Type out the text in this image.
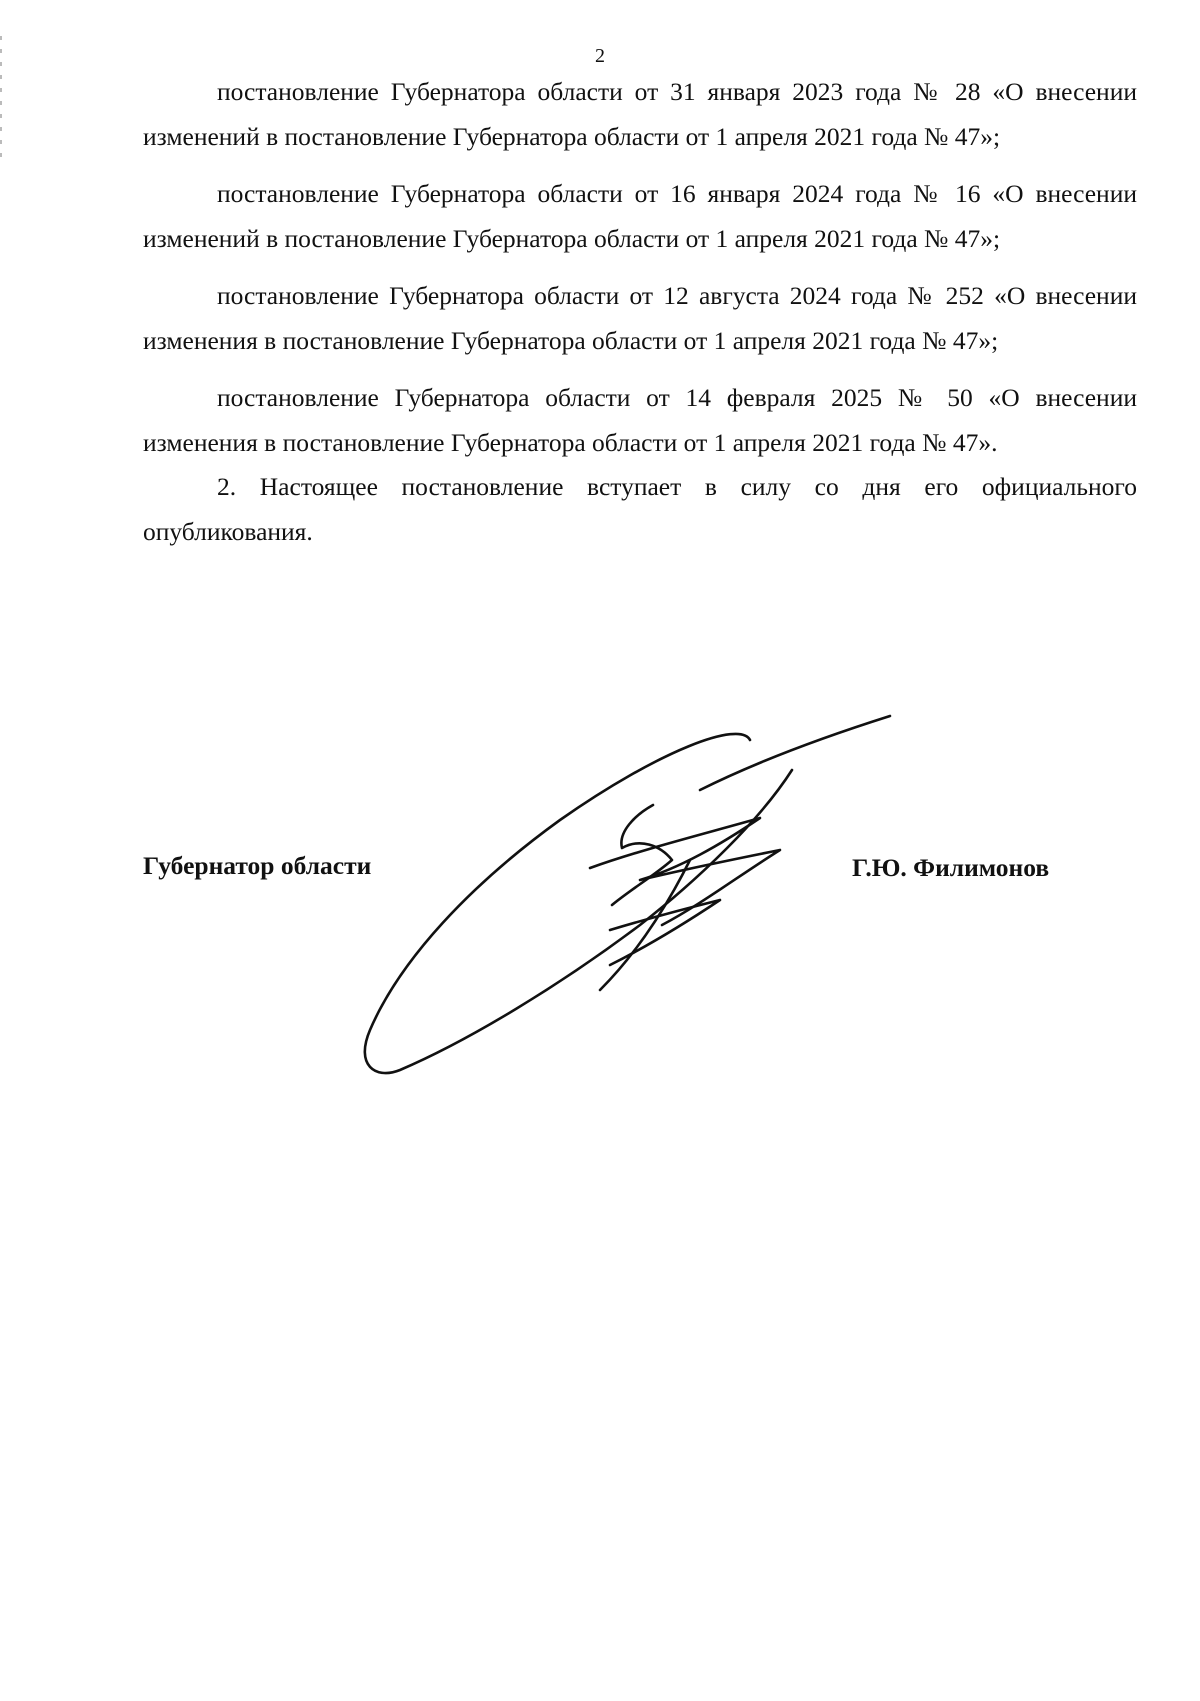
2

постановление Губернатора области от 31 января 2023 года № 28 «О внесении изменений в постановление Губернатора области от 1 апреля 2021 года № 47»;

постановление Губернатора области от 16 января 2024 года № 16 «О внесении изменений в постановление Губернатора области от 1 апреля 2021 года № 47»;

постановление Губернатора области от 12 августа 2024 года № 252 «О внесении изменения в постановление Губернатора области от 1 апреля 2021 года № 47»;

постановление Губернатора области от 14 февраля 2025 № 50 «О внесении изменения в постановление Губернатора области от 1 апреля 2021 года № 47».

2. Настоящее постановление вступает в силу со дня его официального опубликования.

Губернатор области	Г.Ю. Филимонов
